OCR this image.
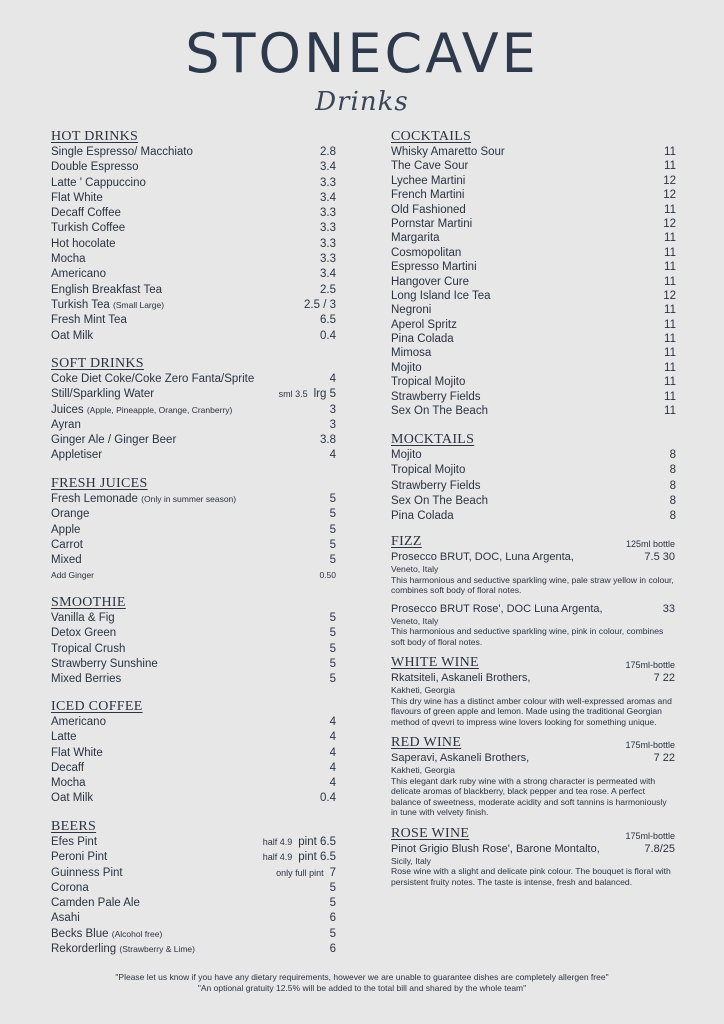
STONECAVE
Drinks
HOT DRINKS
Single Espresso/ Macchiato	2.8
Double Espresso	3.4
Latte ' Cappuccino	3.3
Flat White	3.4
Decaff Coffee	3.3
Turkish Coffee	3.3
Hot hocolate	3.3
Mocha	3.3
Americano	3.4
English Breakfast Tea	2.5
Turkish Tea (Small Large)	2.5 / 3
Fresh Mint Tea	6.5
Oat Milk	0.4
SOFT DRINKS
Coke Diet Coke/Coke Zero Fanta/Sprite	4
Still/Sparkling Water	sml 3.5 lrg 5
Juices (Apple, Pineapple, Orange, Cranberry)	3
Ayran	3
Ginger Ale / Ginger Beer	3.8
Appletiser	4
FRESH JUICES
Fresh Lemonade (Only in summer season)	5
Orange	5
Apple	5
Carrot	5
Mixed	5
Add Ginger	0.50
SMOOTHIE
Vanilla & Fig	5
Detox Green	5
Tropical Crush	5
Strawberry Sunshine	5
Mixed Berries	5
ICED COFFEE
Americano	4
Latte	4
Flat White	4
Decaff	4
Mocha	4
Oat Milk	0.4
BEERS
Efes Pint	half 4.9 pint 6.5
Peroni Pint	half 4.9 pint 6.5
Guinness Pint	only full pint 7
Corona	5
Camden Pale Ale	5
Asahi	6
Becks Blue (Alcohol free)	5
Rekorderling (Strawberry & Lime)	6
COCKTAILS
Whisky Amaretto Sour	11
The Cave Sour	11
Lychee Martini	12
French Martini	12
Old Fashioned	11
Pornstar Martini	12
Margarita	11
Cosmopolitan	11
Espresso Martini	11
Hangover Cure	11
Long Island Ice Tea	12
Negroni	11
Aperol Spritz	11
Pina Colada	11
Mimosa	11
Mojito	11
Tropical Mojito	11
Strawberry Fields	11
Sex On The Beach	11
MOCKTAILS
Mojito	8
Tropical Mojito	8
Strawberry Fields	8
Sex On The Beach	8
Pina Colada	8
FIZZ	125ml bottle
Prosecco BRUT, DOC, Luna Argenta,	7.5 30
Veneto, Italy
This harmonious and seductive sparkling wine, pale straw yellow in colour, combines soft body of floral notes.
Prosecco BRUT Rose', DOC Luna Argenta,	33
Veneto, Italy
This harmonious and seductive sparkling wine, pink in colour, combines soft body of floral notes.
WHITE WINE	175ml-bottle
Rkatsiteli, Askaneli Brothers,	7 22
Kakheti, Georgia
This dry wine has a distinct amber colour with well-expressed aromas and flavours of green apple and lemon. Made using the traditional Georgian method of qvevri to impress wine lovers looking for something unique.
RED WINE	175ml-bottle
Saperavi, Askaneli Brothers,	7 22
Kakheti, Georgia
This elegant dark ruby wine with a strong character is permeated with delicate aromas of blackberry, black pepper and tea rose. A perfect balance of sweetness, moderate acidity and soft tannins is harmoniously in tune with velvety finish.
ROSE WINE	175ml-bottle
Pinot Grigio Blush Rose', Barone Montalto,	7.8/25
Sicily, Italy
Rose wine with a slight and delicate pink colour. The bouquet is floral with persistent fruity notes. The taste is intense, fresh and balanced.
"Please let us know if you have any dietary requirements, however we are unable to guarantee dishes are completely allergen free"
"An optional gratuity 12.5% will be added to the total bill and shared by the whole team"
